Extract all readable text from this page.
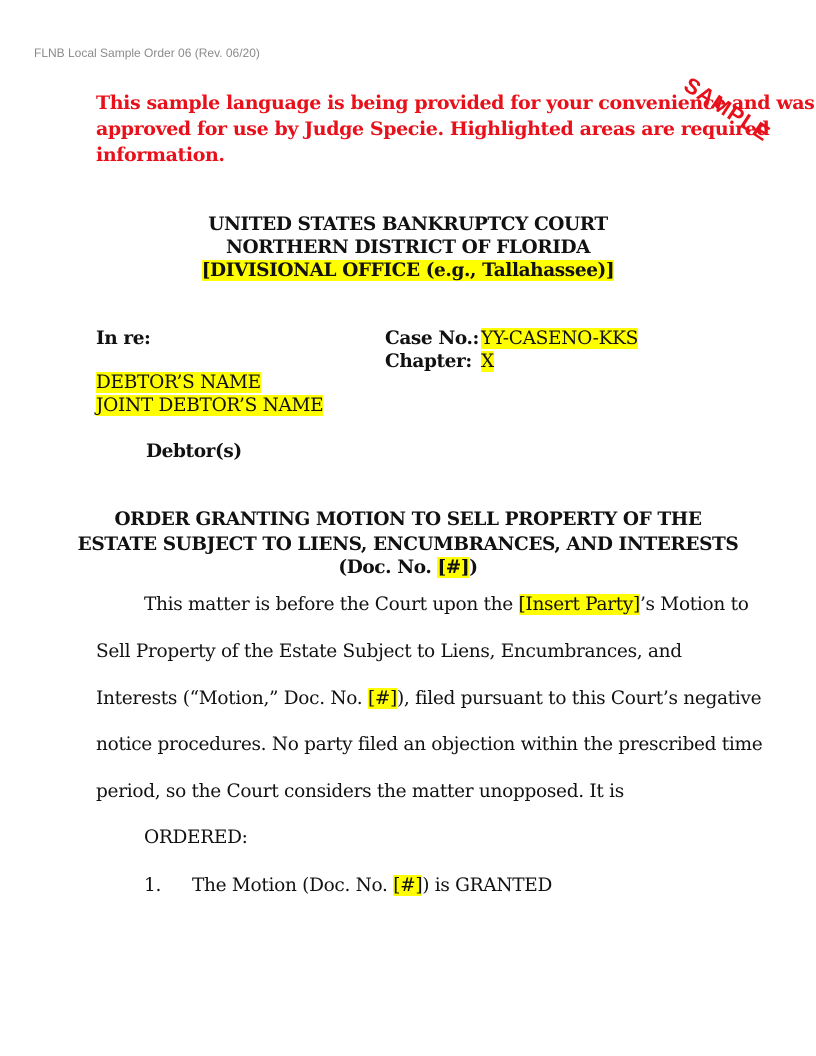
FLNB Local Sample Order 06 (Rev. 06/20)
SAMPLE
This sample language is being provided for your convenience and was
approved for use by Judge Specie. Highlighted areas are required
information.
UNITED STATES BANKRUPTCY COURT
NORTHERN DISTRICT OF FLORIDA
[DIVISIONAL OFFICE (e.g., Tallahassee)]
In re:	Case No.: YY-CASENO-KKS
Chapter: X
DEBTOR’S NAME
JOINT DEBTOR’S NAME
Debtor(s)
ORDER GRANTING MOTION TO SELL PROPERTY OF THE
ESTATE SUBJECT TO LIENS, ENCUMBRANCES, AND INTERESTS
(Doc. No. [#])
This matter is before the Court upon the [Insert Party]’s Motion to
Sell Property of the Estate Subject to Liens, Encumbrances, and
Interests (“Motion,” Doc. No. [#]), filed pursuant to this Court’s negative
notice procedures. No party filed an objection within the prescribed time
period, so the Court considers the matter unopposed. It is
ORDERED:
1. The Motion (Doc. No. [#]) is GRANTED
